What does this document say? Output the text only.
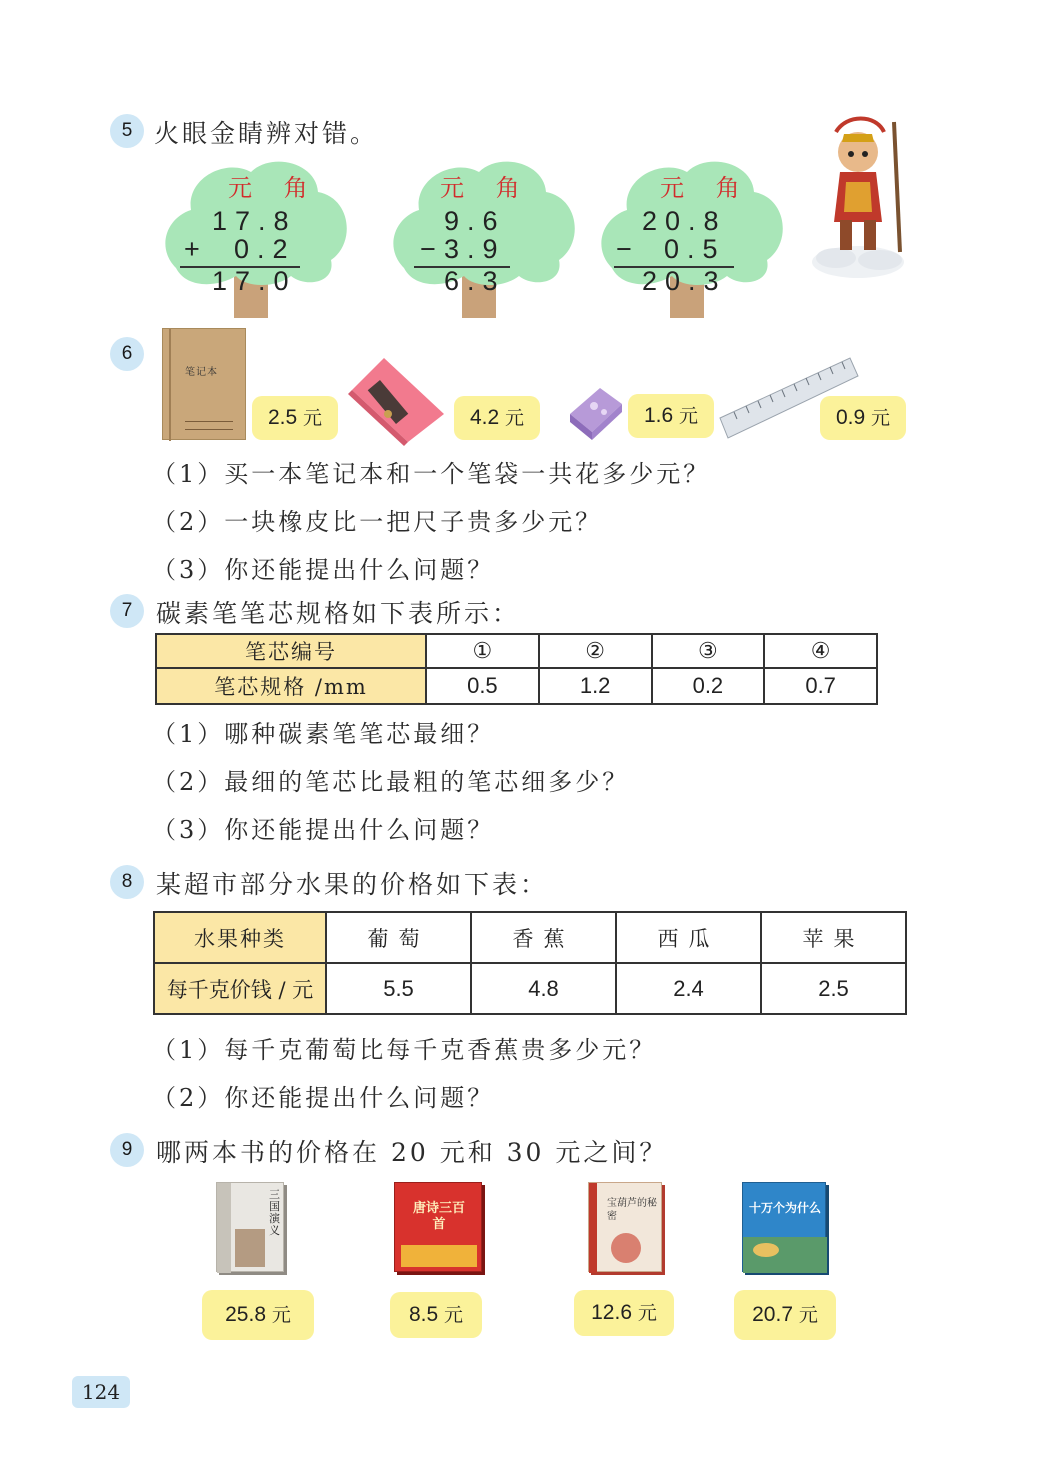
5 火眼金睛辨对错。
元 角
17.8
+ 0.2
17.0
元 角
9.6
− 3.9
6.3
元 角
20.8
− 0.5
20.3
6
笔记本
2.5 元	4.2 元	1.6 元	0.9 元
（1）买一本笔记本和一个笔袋一共花多少元？
（2）一块橡皮比一把尺子贵多少元？
（3）你还能提出什么问题？
7 碳素笔笔芯规格如下表所示：
笔芯编号	①	②	③	④
笔芯规格 /mm	0.5	1.2	0.2	0.7
（1）哪种碳素笔笔芯最细？
（2）最细的笔芯比最粗的笔芯细多少？
（3）你还能提出什么问题？
8 某超市部分水果的价格如下表：
水果种类	葡萄	香蕉	西瓜	苹果
每千克价钱 / 元	5.5	4.8	2.4	2.5
（1）每千克葡萄比每千克香蕉贵多少元？
（2）你还能提出什么问题？
9 哪两本书的价格在 20 元和 30 元之间？
三国演义
25.8 元
唐诗三百首
8.5 元
宝葫芦的秘密
12.6 元
十万个为什么
20.7 元
124
